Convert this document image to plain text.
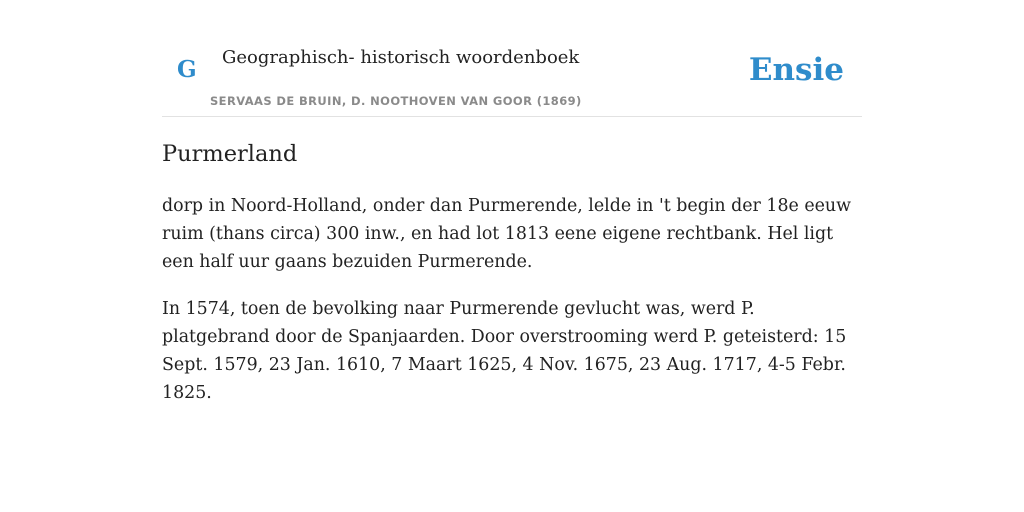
G Geographisch- historisch woordenboek
SERVAAS DE BRUIN, D. NOOTHOVEN VAN GOOR (1869)
Ensie
Purmerland

dorp in Noord-Holland, onder dan Purmerende, lelde in 't begin der 18e eeuw ruim (thans circa) 300 inw., en had lot 1813 eene eigene rechtbank. Hel ligt een half uur gaans bezuiden Purmerende.

In 1574, toen de bevolking naar Purmerende gevlucht was, werd P. platgebrand door de Spanjaarden. Door overstrooming werd P. geteisterd: 15 Sept. 1579, 23 Jan. 1610, 7 Maart 1625, 4 Nov. 1675, 23 Aug. 1717, 4-5 Febr. 1825.
